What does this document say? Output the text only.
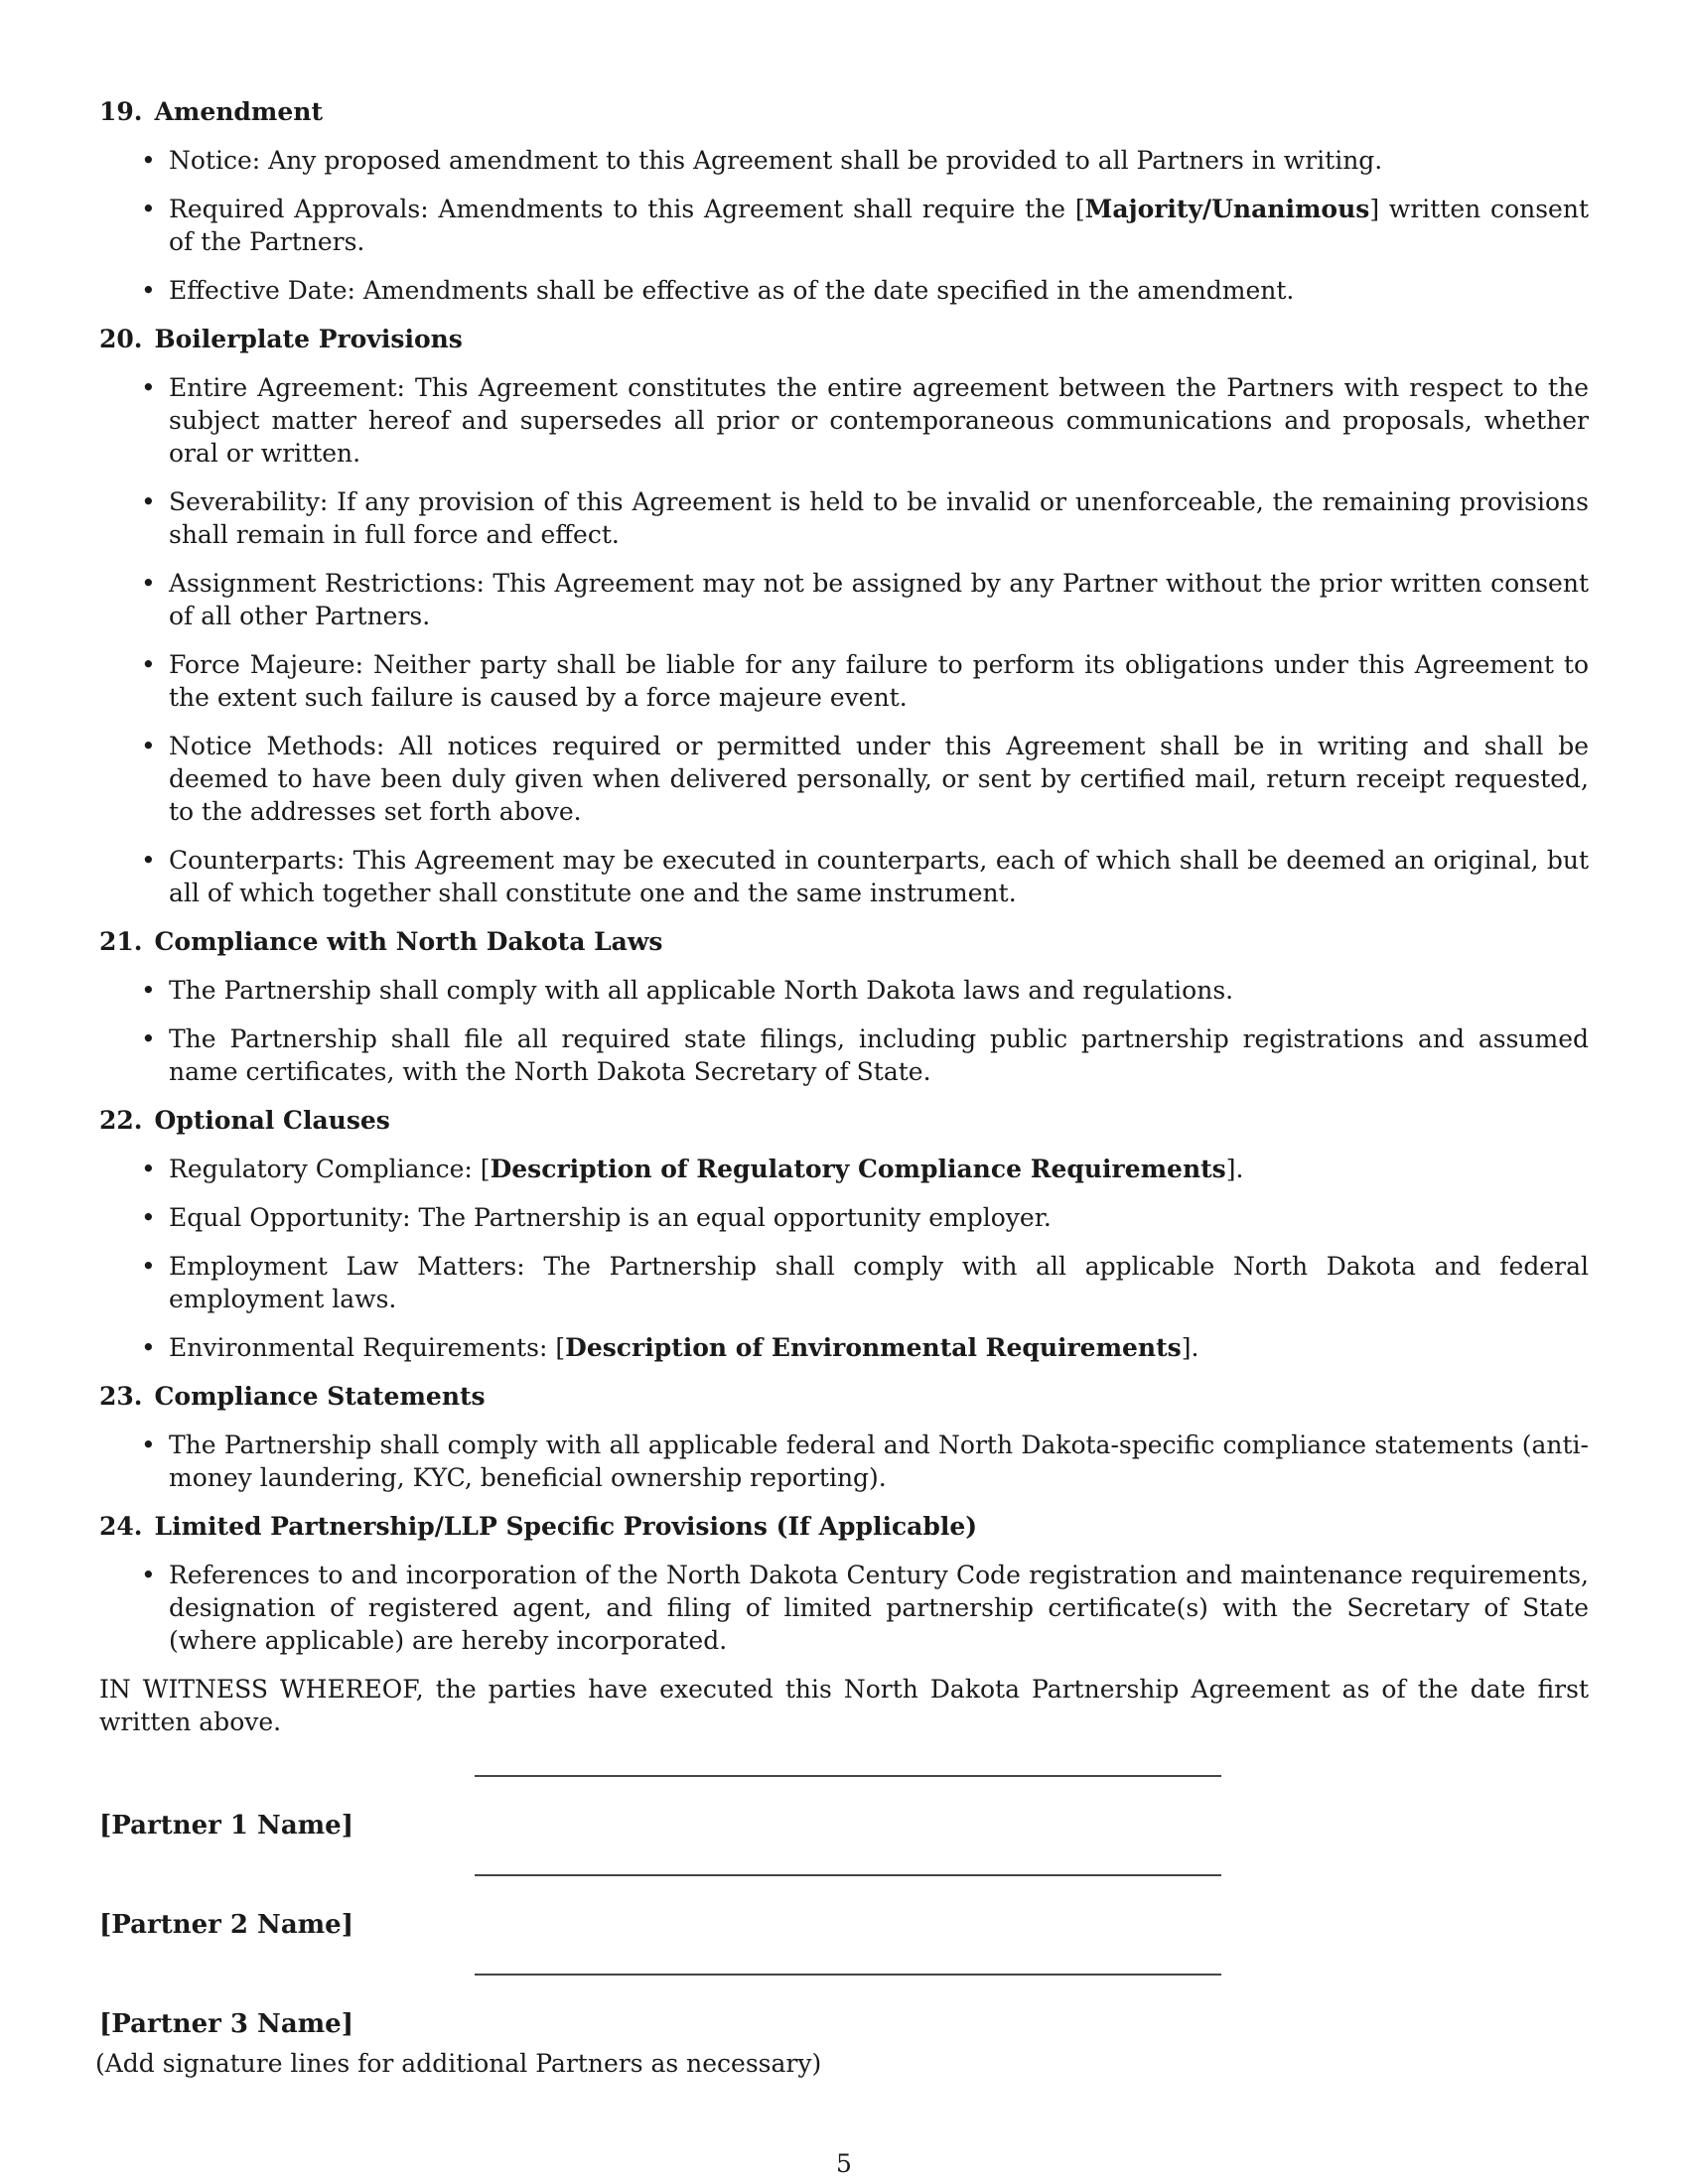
19. Amendment
• Notice: Any proposed amendment to this Agreement shall be provided to all Partners in writing.
• Required Approvals: Amendments to this Agreement shall require the [Majority/Unanimous] written consent of the Partners.
• Effective Date: Amendments shall be effective as of the date specified in the amendment.
20. Boilerplate Provisions
• Entire Agreement: This Agreement constitutes the entire agreement between the Partners with respect to the subject matter hereof and supersedes all prior or contemporaneous communications and proposals, whether oral or written.
• Severability: If any provision of this Agreement is held to be invalid or unenforceable, the remaining provisions shall remain in full force and effect.
• Assignment Restrictions: This Agreement may not be assigned by any Partner without the prior written consent of all other Partners.
• Force Majeure: Neither party shall be liable for any failure to perform its obligations under this Agreement to the extent such failure is caused by a force majeure event.
• Notice Methods: All notices required or permitted under this Agreement shall be in writing and shall be deemed to have been duly given when delivered personally, or sent by certified mail, return receipt requested, to the addresses set forth above.
• Counterparts: This Agreement may be executed in counterparts, each of which shall be deemed an original, but all of which together shall constitute one and the same instrument.
21. Compliance with North Dakota Laws
• The Partnership shall comply with all applicable North Dakota laws and regulations.
• The Partnership shall file all required state filings, including public partnership registrations and assumed name certificates, with the North Dakota Secretary of State.
22. Optional Clauses
• Regulatory Compliance: [Description of Regulatory Compliance Requirements].
• Equal Opportunity: The Partnership is an equal opportunity employer.
• Employment Law Matters: The Partnership shall comply with all applicable North Dakota and federal employment laws.
• Environmental Requirements: [Description of Environmental Requirements].
23. Compliance Statements
• The Partnership shall comply with all applicable federal and North Dakota-specific compliance statements (anti-money laundering, KYC, beneficial ownership reporting).
24. Limited Partnership/LLP Specific Provisions (If Applicable)
• References to and incorporation of the North Dakota Century Code registration and maintenance requirements, designation of registered agent, and filing of limited partnership certificate(s) with the Secretary of State (where applicable) are hereby incorporated.

IN WITNESS WHEREOF, the parties have executed this North Dakota Partnership Agreement as of the date first written above.

[Partner 1 Name]
[Partner 2 Name]
[Partner 3 Name]
(Add signature lines for additional Partners as necessary)
5
